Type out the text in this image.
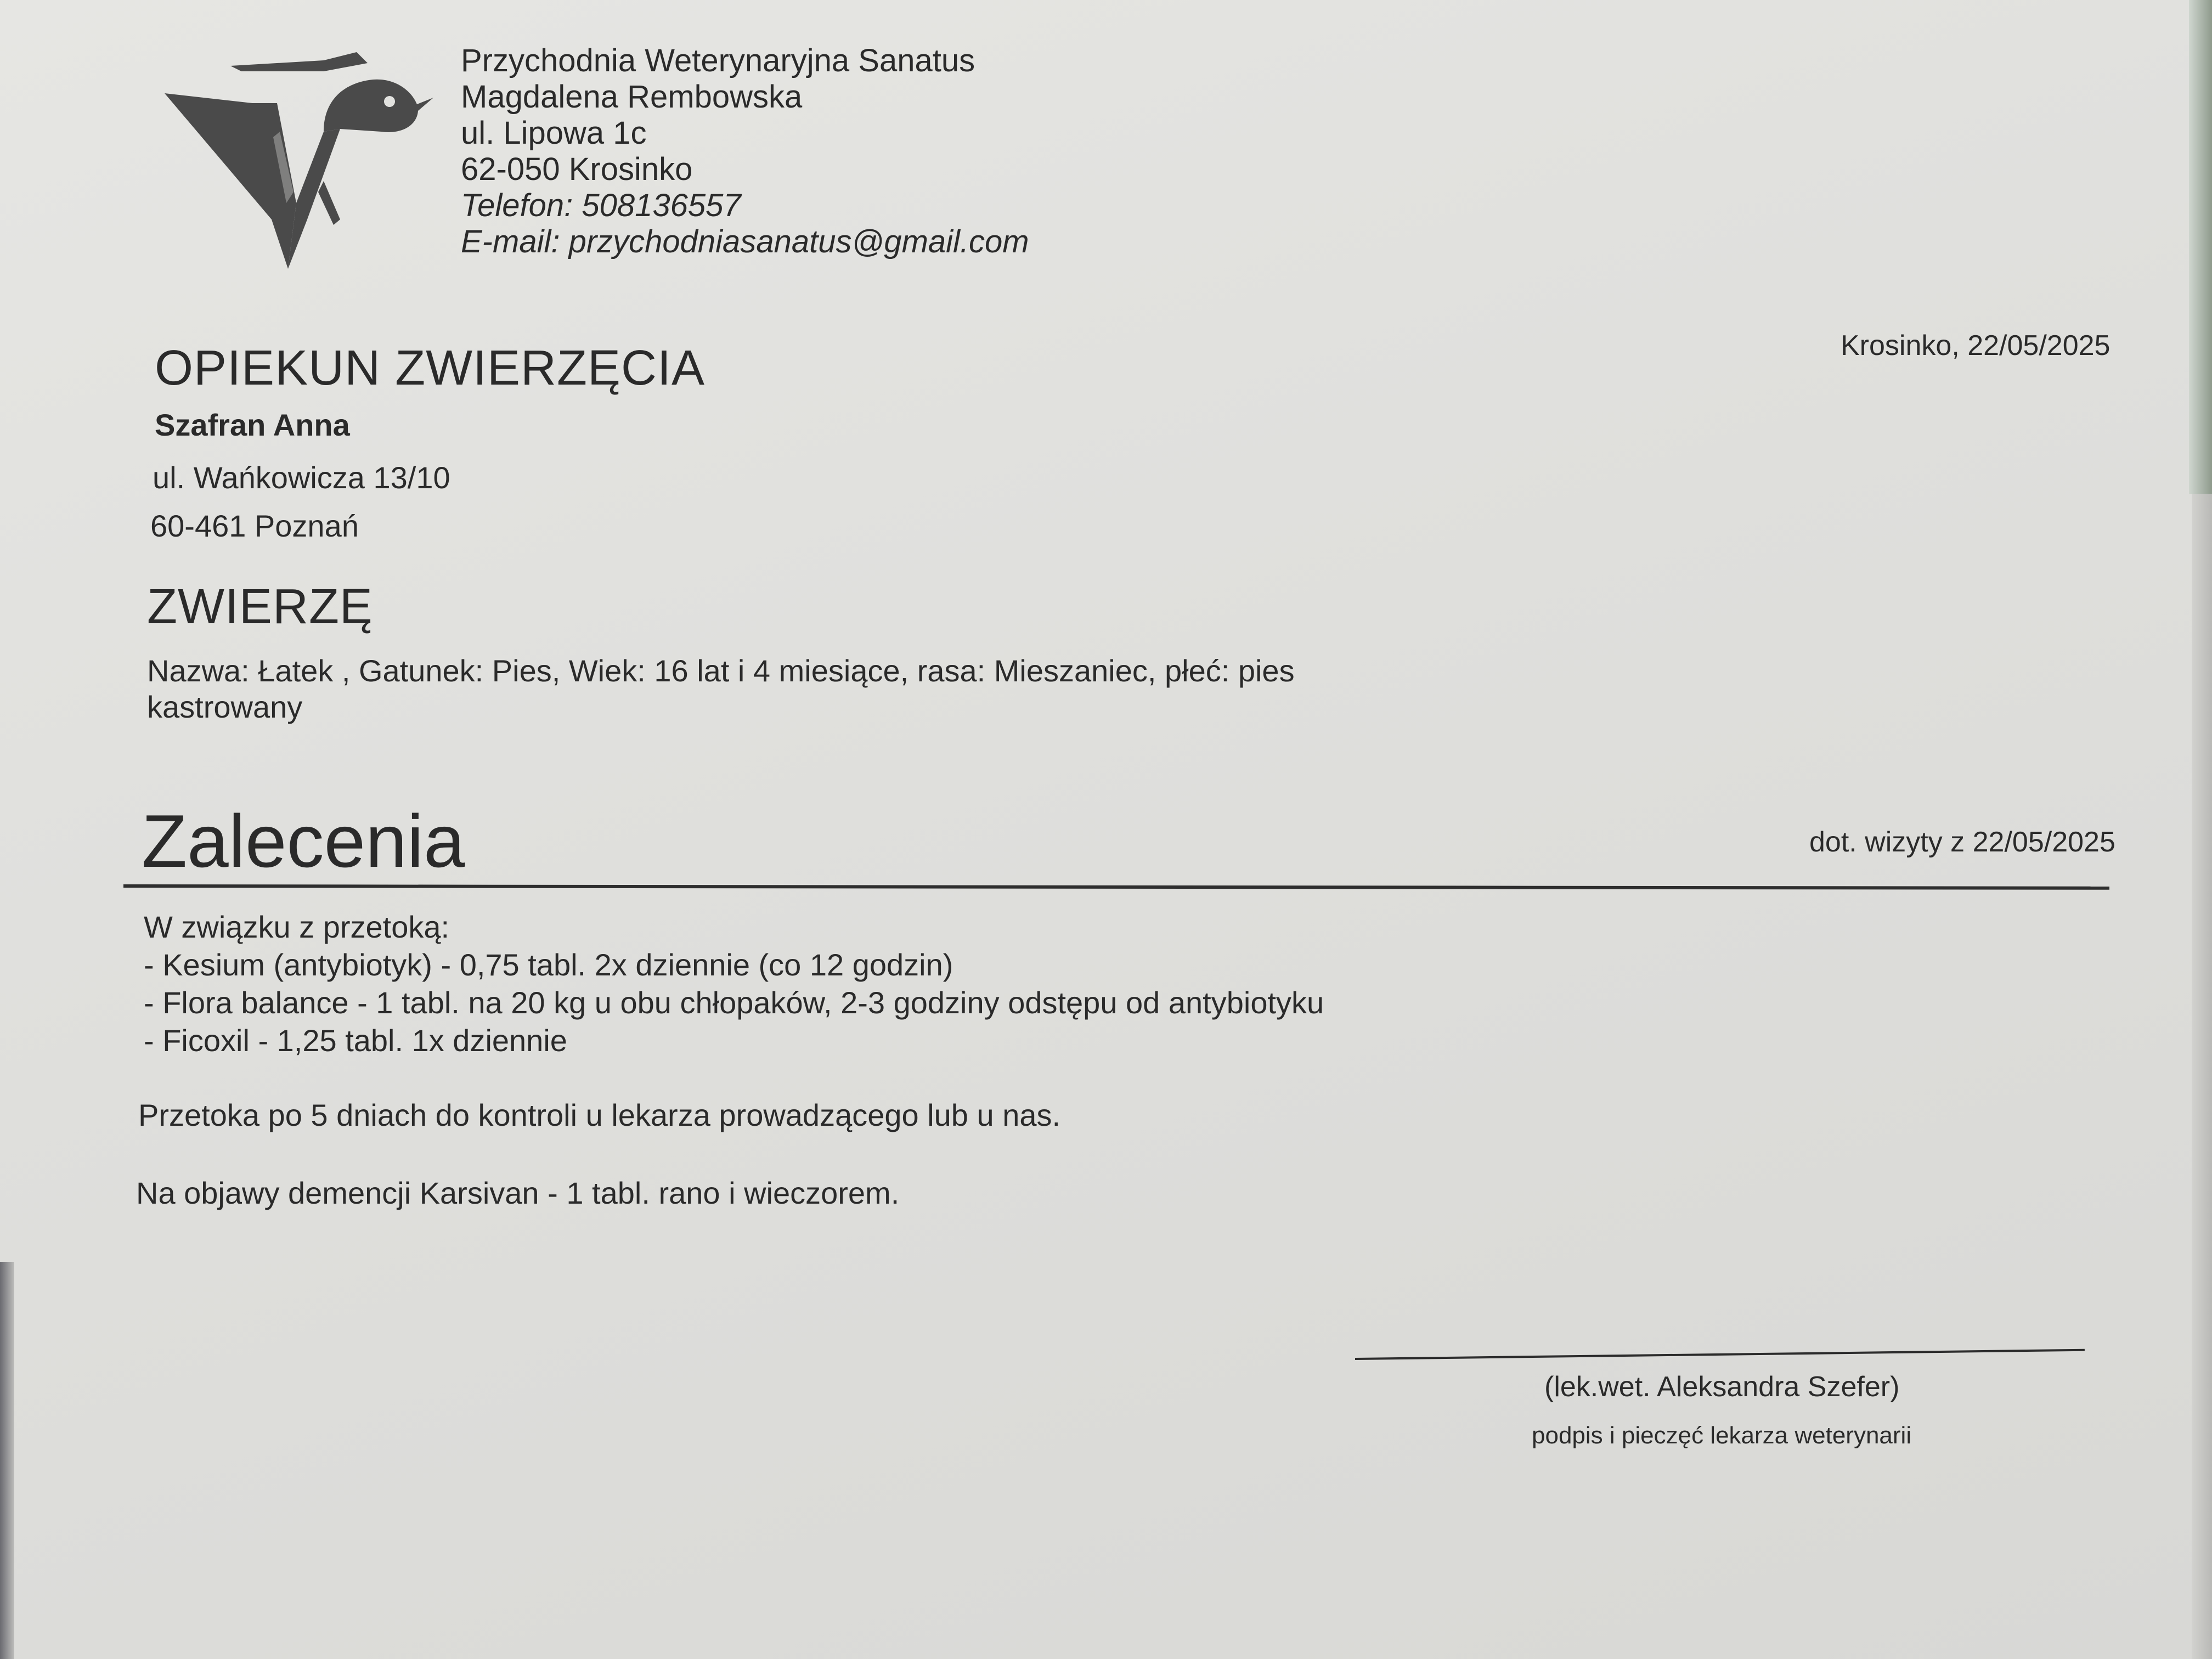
Przychodnia Weterynaryjna Sanatus
Magdalena Rembowska
ul. Lipowa 1c
62-050 Krosinko
Telefon: 508136557
E-mail: przychodniasanatus@gmail.com
Krosinko, 22/05/2025
OPIEKUN ZWIERZĘCIA
Szafran Anna
ul. Wańkowicza 13/10
60-461 Poznań
ZWIERZĘ
Nazwa: Łatek , Gatunek: Pies, Wiek: 16 lat i 4 miesiące, rasa: Mieszaniec, płeć: pies kastrowany
Zalecenia	dot. wizyty z 22/05/2025
W związku z przetoką:
- Kesium (antybiotyk) - 0,75 tabl. 2x dziennie (co 12 godzin)
- Flora balance - 1 tabl. na 20 kg u obu chłopaków, 2-3 godziny odstępu od antybiotyku
- Ficoxil - 1,25 tabl. 1x dziennie
Przetoka po 5 dniach do kontroli u lekarza prowadzącego lub u nas.
Na objawy demencji Karsivan - 1 tabl. rano i wieczorem.
(lek.wet. Aleksandra Szefer)
podpis i pieczęć lekarza weterynarii
